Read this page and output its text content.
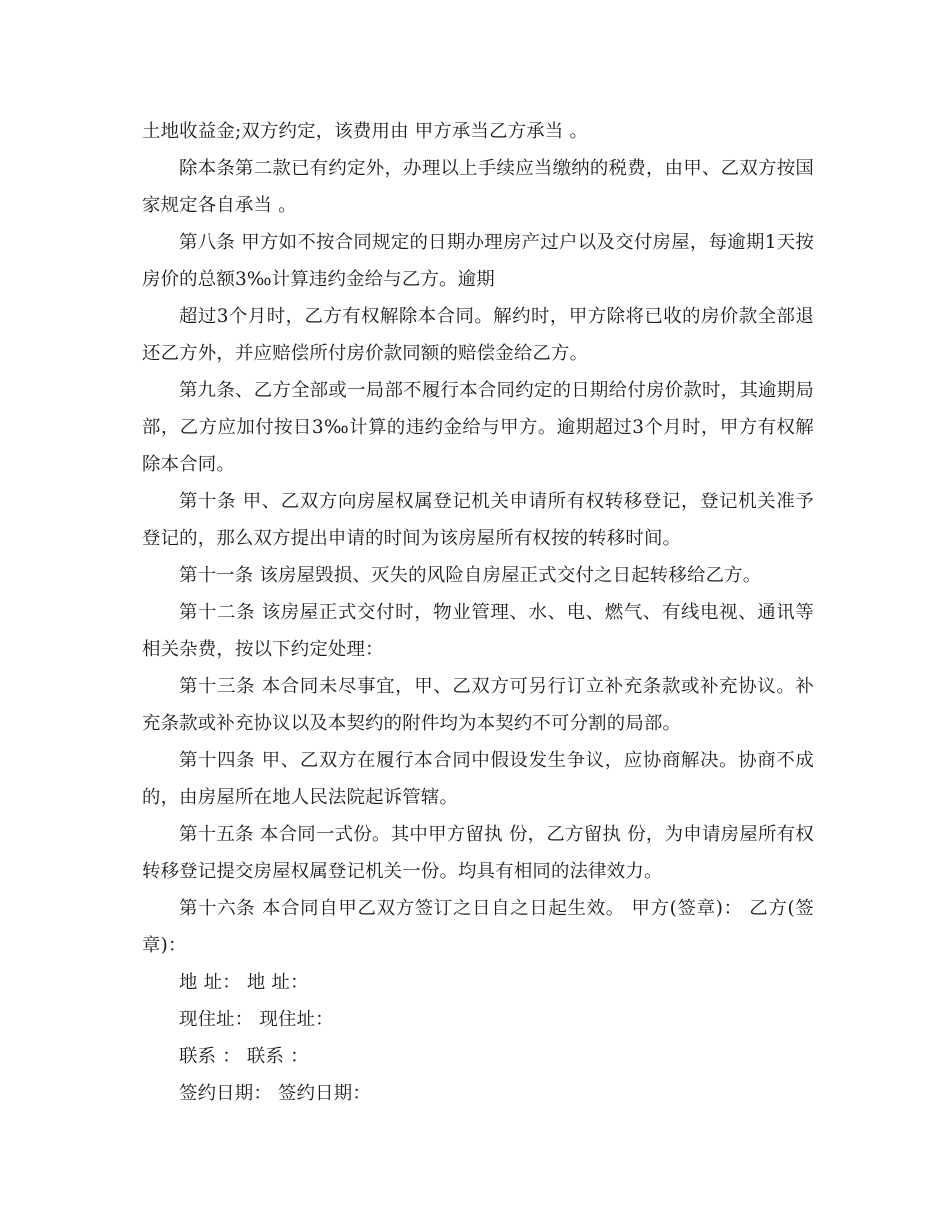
土地收益金;双方约定，该费用由 甲方承当乙方承当 。

除本条第二款已有约定外，办理以上手续应当缴纳的税费，由甲、乙双方按国家规定各自承当 。

第八条 甲方如不按合同规定的日期办理房产过户以及交付房屋，每逾期1天按房价的总额3‰计算违约金给与乙方。逾期

超过3个月时，乙方有权解除本合同。解约时，甲方除将已收的房价款全部退还乙方外，并应赔偿所付房价款同额的赔偿金给乙方。

第九条、乙方全部或一局部不履行本合同约定的日期给付房价款时，其逾期局部，乙方应加付按日3‰计算的违约金给与甲方。逾期超过3个月时，甲方有权解除本合同。

第十条 甲、乙双方向房屋权属登记机关申请所有权转移登记，登记机关准予登记的，那么双方提出申请的时间为该房屋所有权按的转移时间。

第十一条 该房屋毁损、灭失的风险自房屋正式交付之日起转移给乙方。

第十二条 该房屋正式交付时，物业管理、水、电、燃气、有线电视、通讯等相关杂费，按以下约定处理：

第十三条 本合同未尽事宜，甲、乙双方可另行订立补充条款或补充协议。补充条款或补充协议以及本契约的附件均为本契约不可分割的局部。

第十四条 甲、乙双方在履行本合同中假设发生争议，应协商解决。协商不成的，由房屋所在地人民法院起诉管辖。

第十五条 本合同一式份。其中甲方留执 份，乙方留执 份，为申请房屋所有权转移登记提交房屋权属登记机关一份。均具有相同的法律效力。

第十六条 本合同自甲乙双方签订之日自之日起生效。 甲方(签章)： 乙方(签章)：

地 址： 地 址：

现住址： 现住址：

联系 ： 联系 ：

签约日期： 签约日期：
